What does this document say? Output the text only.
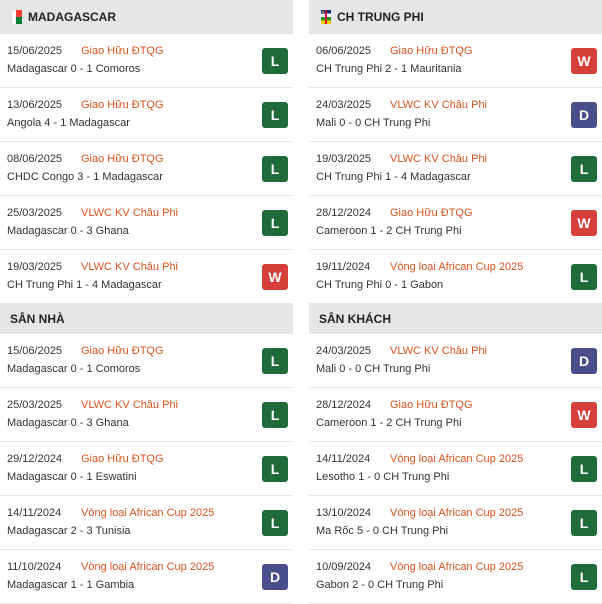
MADAGASCAR
15/06/2025 Giao Hữu ĐTQG
Madagascar 0 - 1 Comoros	L
13/06/2025 Giao Hữu ĐTQG
Angola 4 - 1 Madagascar	L
08/06/2025 Giao Hữu ĐTQG
CHDC Congo 3 - 1 Madagascar	L
25/03/2025 VLWC KV Châu Phi
Madagascar 0 - 3 Ghana	L
19/03/2025 VLWC KV Châu Phi
CH Trung Phi 1 - 4 Madagascar	W
SÂN NHÀ
15/06/2025 Giao Hữu ĐTQG
Madagascar 0 - 1 Comoros	L
25/03/2025 VLWC KV Châu Phi
Madagascar 0 - 3 Ghana	L
29/12/2024 Giao Hữu ĐTQG
Madagascar 0 - 1 Eswatini	L
14/11/2024 Vòng loại African Cup 2025
Madagascar 2 - 3 Tunisia	L
11/10/2024 Vòng loại African Cup 2025
Madagascar 1 - 1 Gambia	D
CH TRUNG PHI
06/06/2025 Giao Hữu ĐTQG
CH Trung Phi 2 - 1 Mauritania	W
24/03/2025 VLWC KV Châu Phi
Mali 0 - 0 CH Trung Phi	D
19/03/2025 VLWC KV Châu Phi
CH Trung Phi 1 - 4 Madagascar	L
28/12/2024 Giao Hữu ĐTQG
Cameroon 1 - 2 CH Trung Phi	W
19/11/2024 Vòng loại African Cup 2025
CH Trung Phi 0 - 1 Gabon	L
SÂN KHÁCH
24/03/2025 VLWC KV Châu Phi
Mali 0 - 0 CH Trung Phi	D
28/12/2024 Giao Hữu ĐTQG
Cameroon 1 - 2 CH Trung Phi	W
14/11/2024 Vòng loại African Cup 2025
Lesotho 1 - 0 CH Trung Phi	L
13/10/2024 Vòng loại African Cup 2025
Ma Rốc 5 - 0 CH Trung Phi	L
10/09/2024 Vòng loại African Cup 2025
Gabon 2 - 0 CH Trung Phi	L
